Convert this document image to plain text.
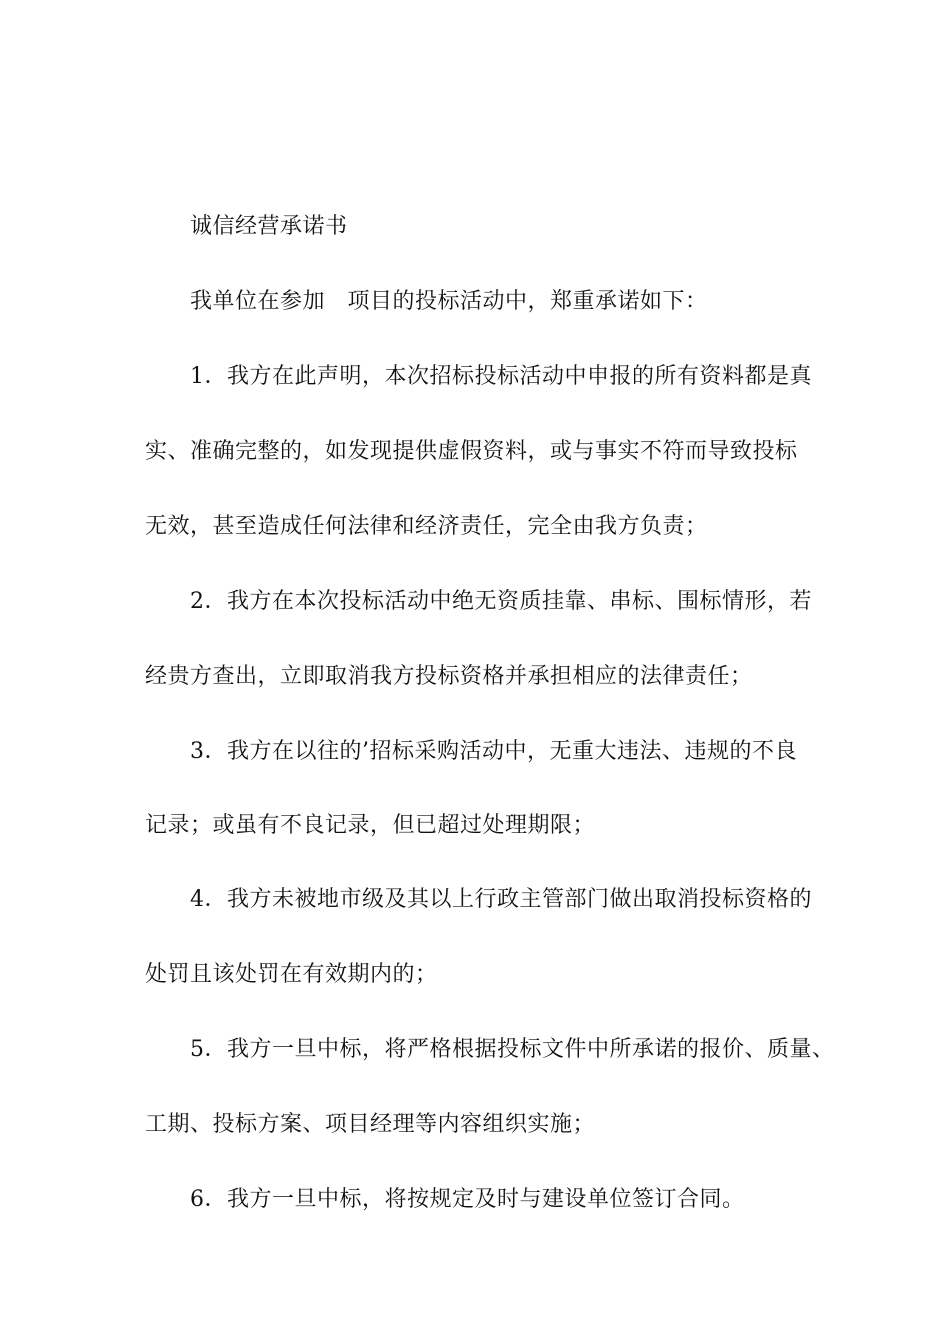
诚信经营承诺书
我单位在参加　项目的投标活动中，郑重承诺如下：
1．我方在此声明，本次招标投标活动中申报的所有资料都是真
实、准确完整的，如发现提供虚假资料，或与事实不符而导致投标
无效，甚至造成任何法律和经济责任，完全由我方负责；
2．我方在本次投标活动中绝无资质挂靠、串标、围标情形，若
经贵方查出，立即取消我方投标资格并承担相应的法律责任；
3．我方在以往的’招标采购活动中，无重大违法、违规的不良
记录；或虽有不良记录，但已超过处理期限；
4．我方未被地市级及其以上行政主管部门做出取消投标资格的
处罚且该处罚在有效期内的；
5．我方一旦中标，将严格根据投标文件中所承诺的报价、质量、
工期、投标方案、项目经理等内容组织实施；
6．我方一旦中标，将按规定及时与建设单位签订合同。
